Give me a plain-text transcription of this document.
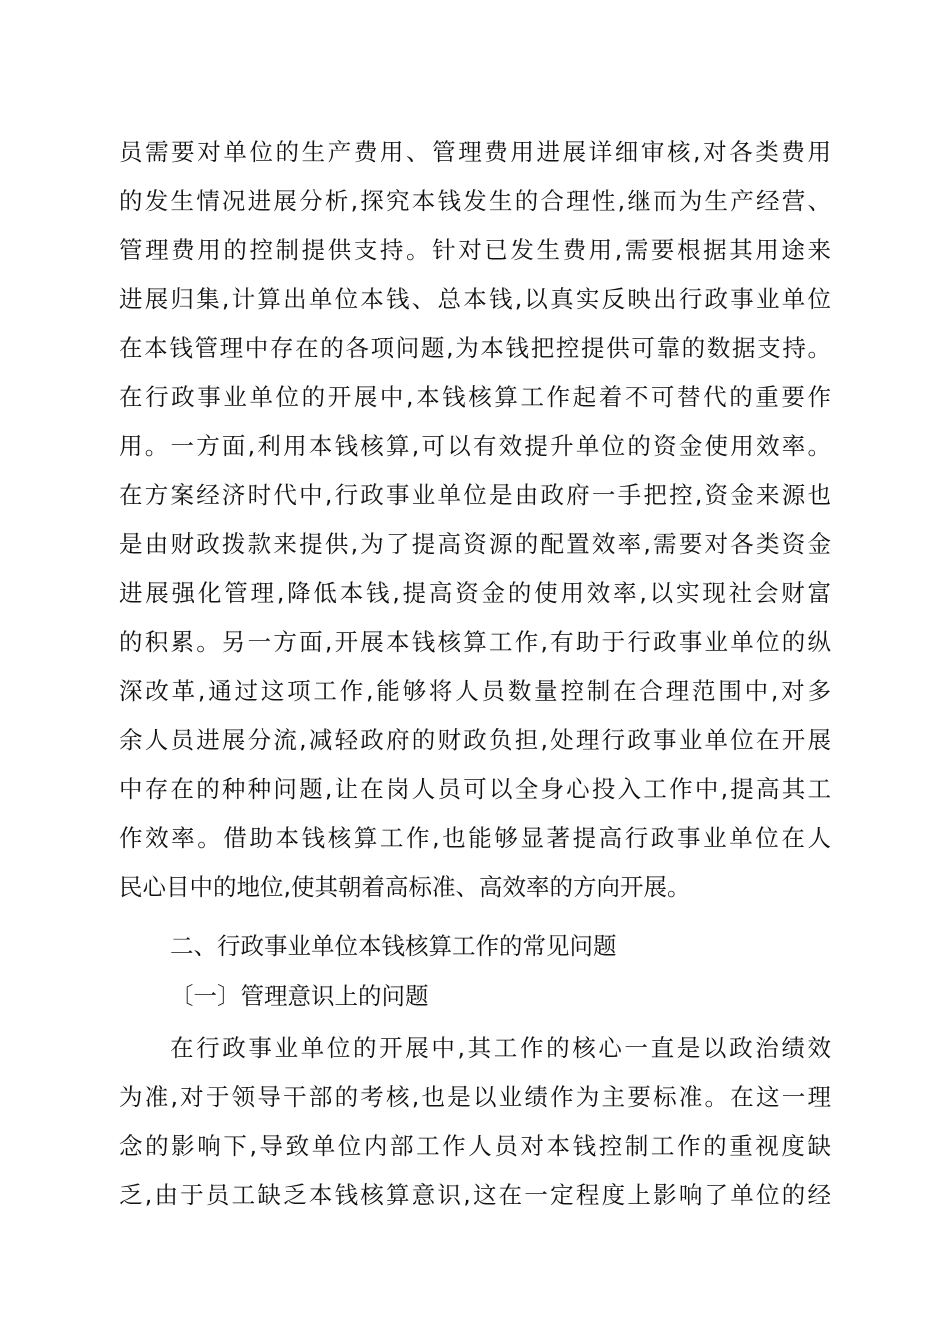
员需要对单位的生产费用、管理费用进展详细审核,对各类费用
的发生情况进展分析,探究本钱发生的合理性,继而为生产经营、
管理费用的控制提供支持。针对已发生费用,需要根据其用途来
进展归集,计算出单位本钱、总本钱,以真实反映出行政事业单位
在本钱管理中存在的各项问题,为本钱把控提供可靠的数据支持。
在行政事业单位的开展中,本钱核算工作起着不可替代的重要作
用。一方面,利用本钱核算,可以有效提升单位的资金使用效率。
在方案经济时代中,行政事业单位是由政府一手把控,资金来源也
是由财政拨款来提供,为了提高资源的配置效率,需要对各类资金
进展强化管理,降低本钱,提高资金的使用效率,以实现社会财富
的积累。另一方面,开展本钱核算工作,有助于行政事业单位的纵
深改革,通过这项工作,能够将人员数量控制在合理范围中,对多
余人员进展分流,减轻政府的财政负担,处理行政事业单位在开展
中存在的种种问题,让在岗人员可以全身心投入工作中,提高其工
作效率。借助本钱核算工作,也能够显著提高行政事业单位在人
民心目中的地位,使其朝着高标准、高效率的方向开展。
二、行政事业单位本钱核算工作的常见问题
〔一〕管理意识上的问题
在行政事业单位的开展中,其工作的核心一直是以政治绩效
为准,对于领导干部的考核,也是以业绩作为主要标准。在这一理
念的影响下,导致单位内部工作人员对本钱控制工作的重视度缺
乏,由于员工缺乏本钱核算意识,这在一定程度上影响了单位的经
